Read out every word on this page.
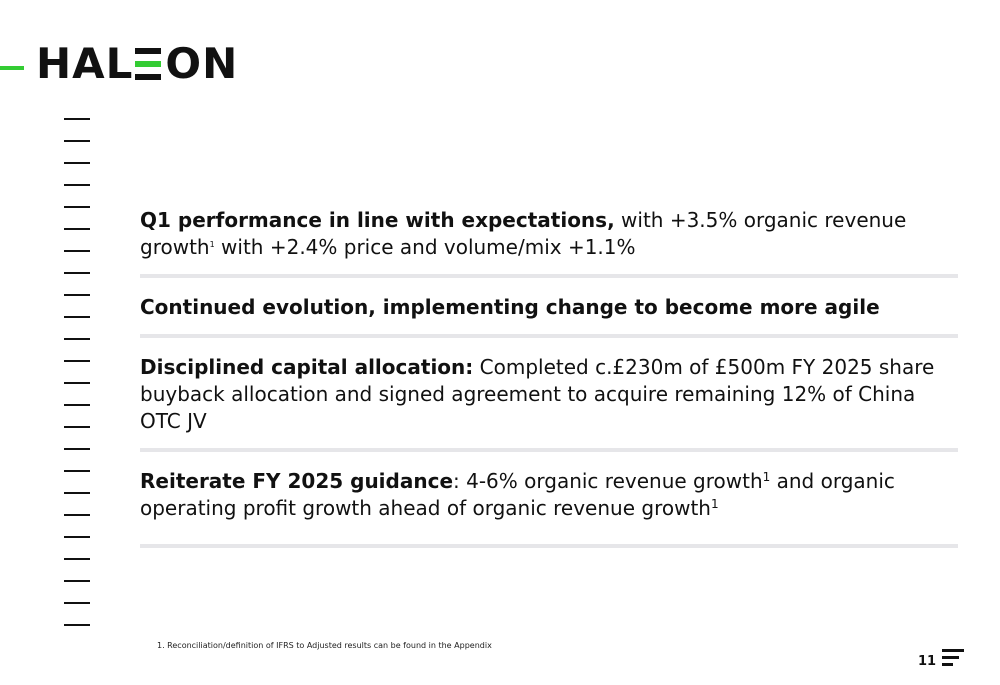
HAL ON
Q1 performance in line with expectations, with +3.5% organic revenue growth$^1$ with +2.4% price and volume/mix +1.1%
Continued evolution, implementing change to become more agile
Disciplined capital allocation: Completed c.£230m of £500m FY 2025 share buyback allocation and signed agreement to acquire remaining 12% of China OTC JV
Reiterate FY 2025 guidance: 4-6% organic revenue growth$^1$ and organic operating profit growth ahead of organic revenue growth$^1$
1. Reconciliation/definition of IFRS to Adjusted results can be found in the Appendix
11
